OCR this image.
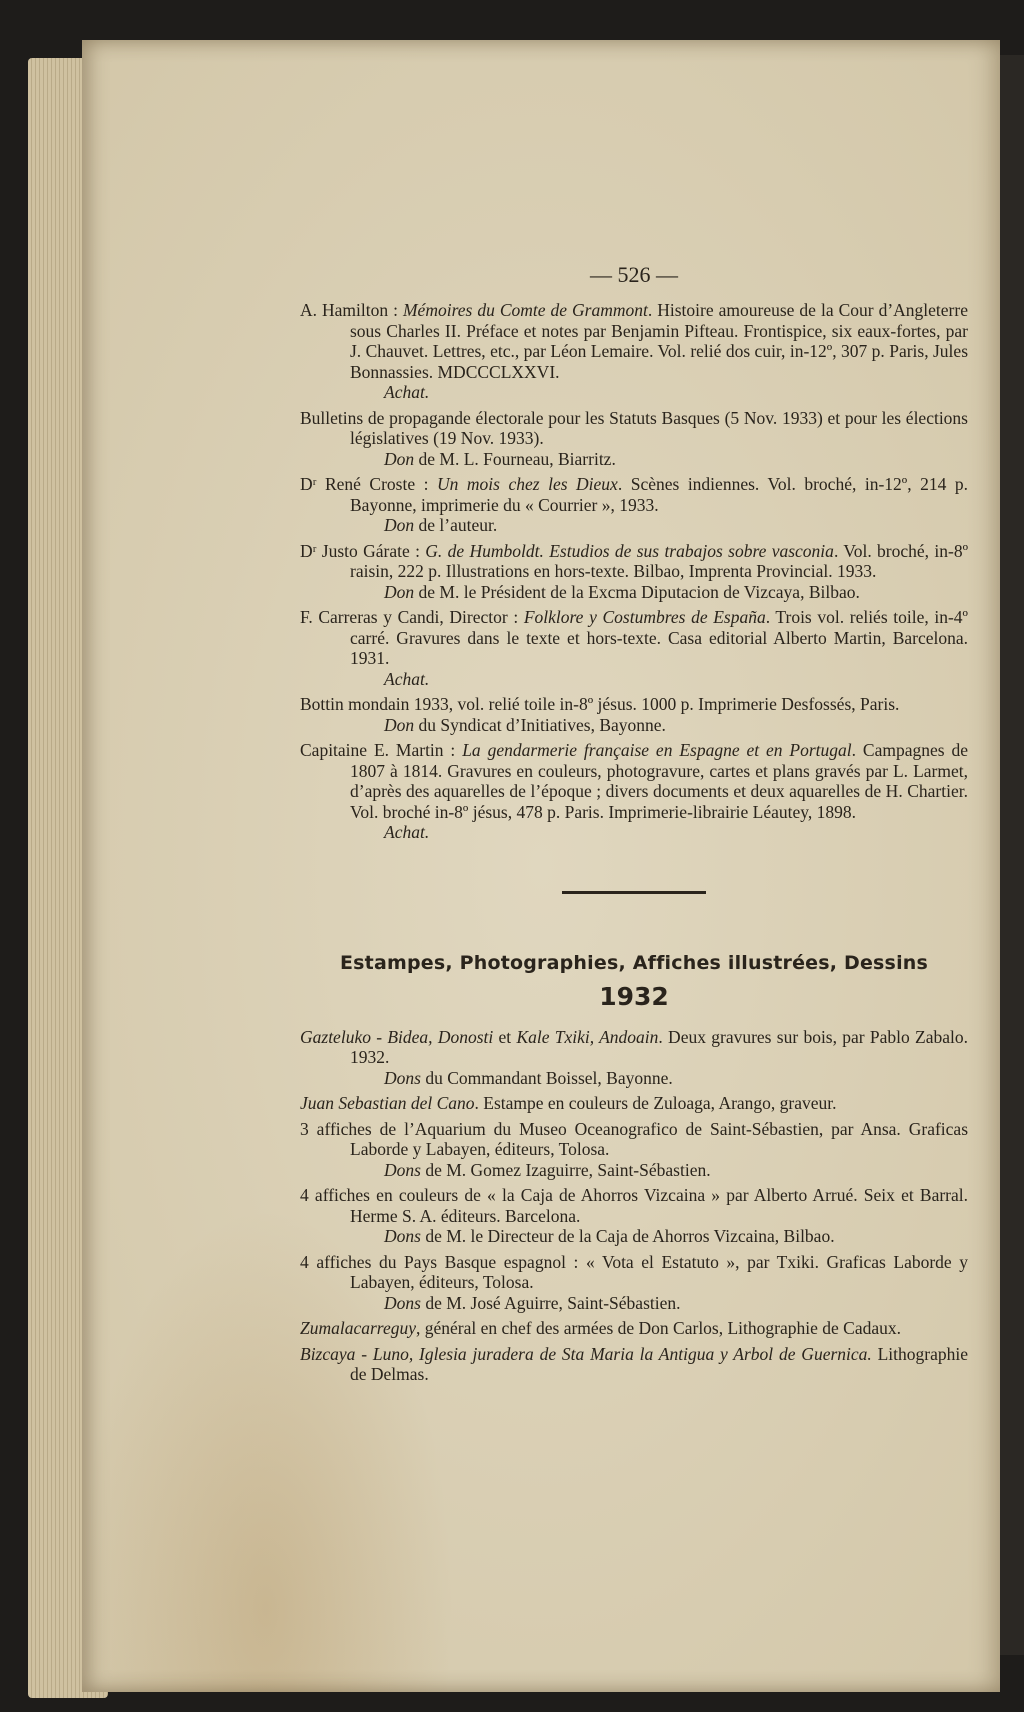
— 526 —
A. Hamilton : Mémoires du Comte de Grammont. Histoire amoureuse de la Cour d’Angleterre sous Charles II. Préface et notes par Benjamin Pifteau. Frontispice, six eaux-fortes, par J. Chauvet. Lettres, etc., par Léon Lemaire. Vol. relié dos cuir, in-12º, 307 p. Paris, Jules Bonnassies. MDCCCLXXVI.
Achat.
Bulletins de propagande électorale pour les Statuts Basques (5 Nov. 1933) et pour les élections législatives (19 Nov. 1933).
Don de M. L. Fourneau, Biarritz.
Dʳ René Croste : Un mois chez les Dieux. Scènes indiennes. Vol. broché, in-12º, 214 p. Bayonne, imprimerie du « Courrier », 1933.
Don de l’auteur.
Dʳ Justo Gárate : G. de Humboldt. Estudios de sus trabajos sobre vasconia. Vol. broché, in-8º raisin, 222 p. Illustrations en hors-texte. Bilbao, Imprenta Provincial. 1933.
Don de M. le Président de la Excma Diputacion de Vizcaya, Bilbao.
F. Carreras y Candi, Director : Folklore y Costumbres de España. Trois vol. reliés toile, in-4º carré. Gravures dans le texte et hors-texte. Casa editorial Alberto Martin, Barcelona. 1931.
Achat.
Bottin mondain 1933, vol. relié toile in-8º jésus. 1000 p. Imprimerie Desfossés, Paris.
Don du Syndicat d’Initiatives, Bayonne.
Capitaine E. Martin : La gendarmerie française en Espagne et en Portugal. Campagnes de 1807 à 1814. Gravures en couleurs, photogravure, cartes et plans gravés par L. Larmet, d’après des aquarelles de l’époque ; divers documents et deux aquarelles de H. Chartier. Vol. broché in-8º jésus, 478 p. Paris. Imprimerie-librairie Léautey, 1898.
Achat.
Estampes, Photographies, Affiches illustrées, Dessins
1932
Gazteluko - Bidea, Donosti et Kale Txiki, Andoain. Deux gravures sur bois, par Pablo Zabalo. 1932.
Dons du Commandant Boissel, Bayonne.
Juan Sebastian del Cano. Estampe en couleurs de Zuloaga, Arango, graveur.
3 affiches de l’Aquarium du Museo Oceanografico de Saint-Sébastien, par Ansa. Graficas Laborde y Labayen, éditeurs, Tolosa.
Dons de M. Gomez Izaguirre, Saint-Sébastien.
4 affiches en couleurs de « la Caja de Ahorros Vizcaina » par Alberto Arrué. Seix et Barral. Herme S. A. éditeurs. Barcelona.
Dons de M. le Directeur de la Caja de Ahorros Vizcaina, Bilbao.
4 affiches du Pays Basque espagnol : « Vota el Estatuto », par Txiki. Graficas Laborde y Labayen, éditeurs, Tolosa.
Dons de M. José Aguirre, Saint-Sébastien.
Zumalacarreguy, général en chef des armées de Don Carlos, Lithographie de Cadaux.
Bizcaya - Luno, Iglesia juradera de Sta Maria la Antigua y Arbol de Guernica. Lithographie de Delmas.
